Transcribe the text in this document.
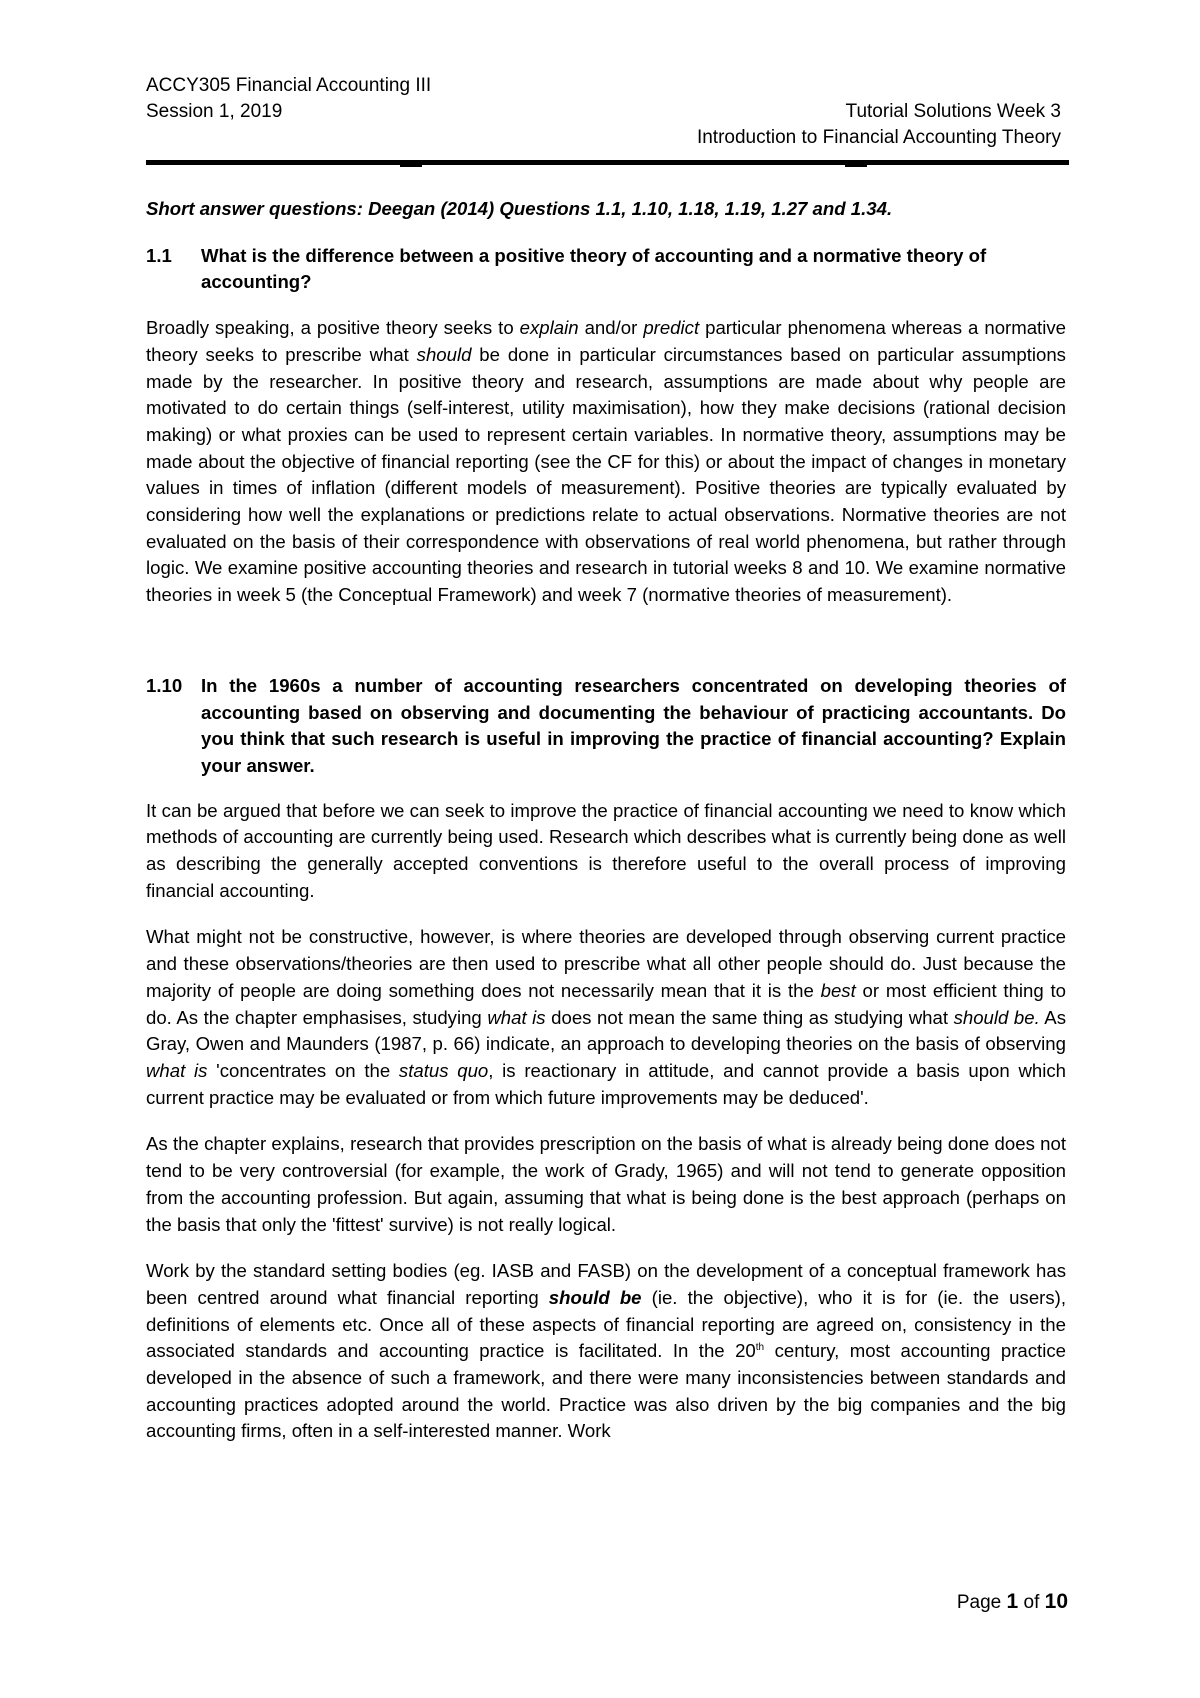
ACCY305 Financial Accounting III
Session 1, 2019	Tutorial Solutions Week 3
Introduction to Financial Accounting Theory

Short answer questions: Deegan (2014) Questions 1.1, 1.10, 1.18, 1.19, 1.27 and 1.34.

1.1	What is the difference between a positive theory of accounting and a normative theory of accounting?

Broadly speaking, a positive theory seeks to explain and/or predict particular phenomena whereas a normative theory seeks to prescribe what should be done in particular circumstances based on particular assumptions made by the researcher. In positive theory and research, assumptions are made about why people are motivated to do certain things (self-interest, utility maximisation), how they make decisions (rational decision making) or what proxies can be used to represent certain variables. In normative theory, assumptions may be made about the objective of financial reporting (see the CF for this) or about the impact of changes in monetary values in times of inflation (different models of measurement). Positive theories are typically evaluated by considering how well the explanations or predictions relate to actual observations. Normative theories are not evaluated on the basis of their correspondence with observations of real world phenomena, but rather through logic. We examine positive accounting theories and research in tutorial weeks 8 and 10. We examine normative theories in week 5 (the Conceptual Framework) and week 7 (normative theories of measurement).

1.10	In the 1960s a number of accounting researchers concentrated on developing theories of accounting based on observing and documenting the behaviour of practicing accountants. Do you think that such research is useful in improving the practice of financial accounting? Explain your answer.

It can be argued that before we can seek to improve the practice of financial accounting we need to know which methods of accounting are currently being used. Research which describes what is currently being done as well as describing the generally accepted conventions is therefore useful to the overall process of improving financial accounting.

What might not be constructive, however, is where theories are developed through observing current practice and these observations/theories are then used to prescribe what all other people should do. Just because the majority of people are doing something does not necessarily mean that it is the best or most efficient thing to do. As the chapter emphasises, studying what is does not mean the same thing as studying what should be. As Gray, Owen and Maunders (1987, p. 66) indicate, an approach to developing theories on the basis of observing what is 'concentrates on the status quo, is reactionary in attitude, and cannot provide a basis upon which current practice may be evaluated or from which future improvements may be deduced'.

As the chapter explains, research that provides prescription on the basis of what is already being done does not tend to be very controversial (for example, the work of Grady, 1965) and will not tend to generate opposition from the accounting profession. But again, assuming that what is being done is the best approach (perhaps on the basis that only the 'fittest' survive) is not really logical.

Work by the standard setting bodies (eg. IASB and FASB) on the development of a conceptual framework has been centred around what financial reporting should be (ie. the objective), who it is for (ie. the users), definitions of elements etc. Once all of these aspects of financial reporting are agreed on, consistency in the associated standards and accounting practice is facilitated. In the 20th century, most accounting practice developed in the absence of such a framework, and there were many inconsistencies between standards and accounting practices adopted around the world. Practice was also driven by the big companies and the big accounting firms, often in a self-interested manner. Work

Page 1 of 10
